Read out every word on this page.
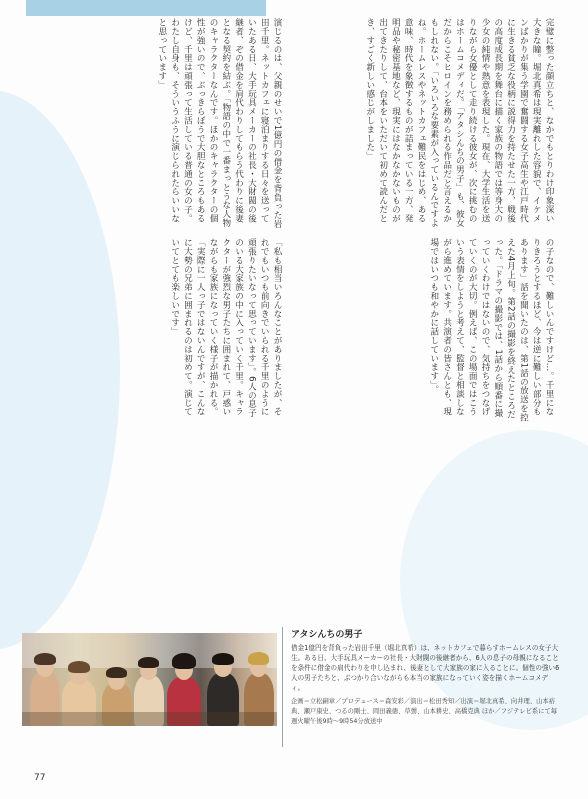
完璧に整った顔立ちと、なかでもとりわけ印象深い大きな瞳。堀北真希は現実離れした容貌で、イケメンばかりが集う学園で奮闘する女子高生や江戸時代に生きる貧乏な役柄に説得力を持たせた一方、戦後の高度成長期を舞台に描く家族の物語では等身大の少女の純情や熱意を表現した。現在、大学生活を送りながら女優として走り続ける彼女が、次に挑むのはホームコメディだ。「アタシんちの男子」も、彼女だからこそヒロインを務められる作品だと言えるかもしれない。「いろいろな要素が入っているんですよね。ホームレスやネットカフェ難民をはじめ、ある意味、時代を象徴するものが詰まっている一方、発明品や秘密基地など、現実にはなかなかないものが出てきたりして、台本をいただいて初めて読んだとき、すごく新しい感じがしました」
演じるのは、父親のせいで1億円の借金を背負った岩田千里。ネットカフェに寝泊まりする日々を送っていたある日、大手玩具メーカーの社長・大財閥の後継者、ぞの借金を肩代わりしてもらう代わりに後妻となる契約を結ぶ。「物語の中で一番まっとうな人物のキャラクターなんです。ほかのキャラクターの個性が強いので、ぶっきらぼうで大胆なところもあるけど、千里は頑張って生活している普通の女の子。わたし自身も、そういうふうに演じられたらいいなと思っています」
の子なので、難しいんですけど…。千里になりきろうとするほど、今は逆に難しい部分もあります」話を聞いたのは、第1話の放送を控えた4月上旬。第2話の撮影を終えたところだった。「ドラマの撮影では、1話から順番に撮っていくわけではないので、気持ちをつなげていくのが大切。例えば、この場面ではこういう表情をしようと考えて、監督と相談しながら進めています。共演者の皆さんとも、現場ではいつも和やかに話しています」。
「私も相当いろんなことがありましたが、それでもいつも前向きでいられる千里のように頑張りたいなって思っています」。6人の息子のいる大家族の中に入っていく千里。キャラクターが強烈な男子たちに囲まれて、戸惑いながらも家族になっていく様子が描かれる。「実際に一人っ子ではないんですが、こんなに大勢の兄弟に囲まれるのは初めて。演じていてとても楽しいです」

アタシんちの男子

借金1億円を背負った岩田千里（堀北真希）は、ネットカフェで暮らすホームレスの女子大生。ある日、大手玩具メーカーの社長・大財閥の後継者から、6人の息子の母親になることを条件に借金の肩代わりを申し込まれ、後妻として大家族の家に入ることに。個性の強い6人の男子たちと、ぶつかり合いながらも本当の家族になっていく姿を描くホームコメディ。

企画＝立松嗣章／プロデュース＝森安彩／演出＝松田秀知／出演＝堀北真希、向井理、山本裕典、瀬戸康史、つるの剛士、岡田義徳、草彅、山本耕史、高橋克典 ほか／フジテレビ系にて毎週火曜午後9時〜9時54分放送中

77
